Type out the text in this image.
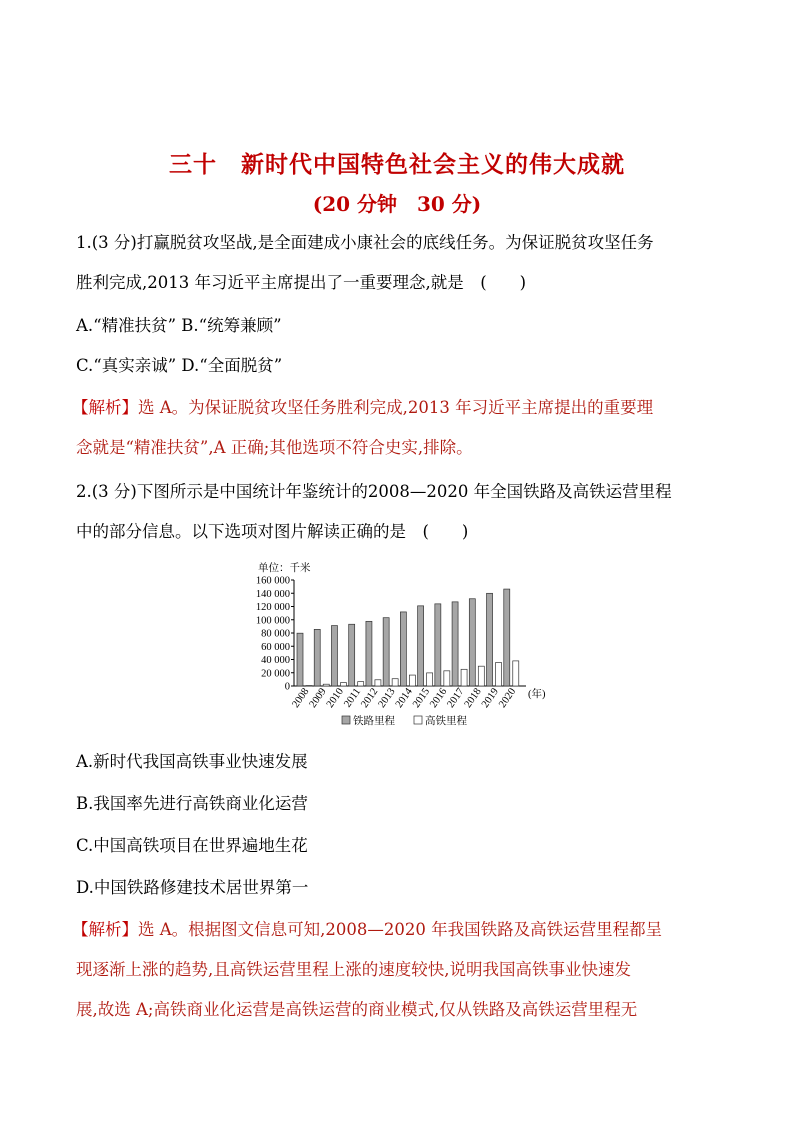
三十　新时代中国特色社会主义的伟大成就
(20 分钟　30 分)
1.(3 分)打赢脱贫攻坚战,是全面建成小康社会的底线任务。为保证脱贫攻坚任务
胜利完成,2013 年习近平主席提出了一重要理念,就是　(　　)
A.“精准扶贫” B.“统筹兼顾”
C.“真实亲诚” D.“全面脱贫”
【解析】选 A。为保证脱贫攻坚任务胜利完成,2013 年习近平主席提出的重要理
念就是“精准扶贫”,A 正确;其他选项不符合史实,排除。
2.(3 分)下图所示是中国统计年鉴统计的2008—2020 年全国铁路及高铁运营里程
中的部分信息。以下选项对图片解读正确的是　(　　)
单位：千米
0
20 000
40 000
60 000
80 000
100 000
120 000
140 000
160 000
2008
2009
2010
2011
2012
2013
2014
2015
2016
2017
2018
2019
2020 (年)
铁路里程	高铁里程
A.新时代我国高铁事业快速发展
B.我国率先进行高铁商业化运营
C.中国高铁项目在世界遍地生花
D.中国铁路修建技术居世界第一
【解析】选 A。根据图文信息可知,2008—2020 年我国铁路及高铁运营里程都呈
现逐渐上涨的趋势,且高铁运营里程上涨的速度较快,说明我国高铁事业快速发
展,故选 A;高铁商业化运营是高铁运营的商业模式,仅从铁路及高铁运营里程无
